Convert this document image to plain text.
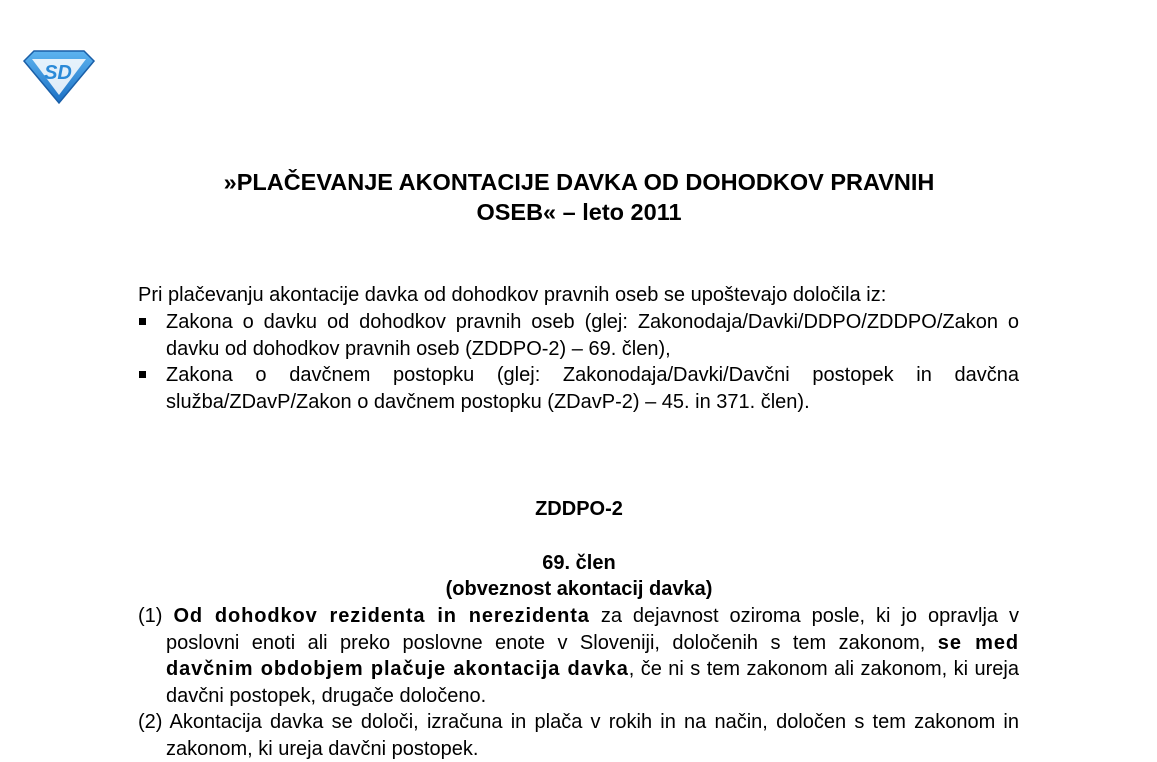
SD
»PLAČEVANJE AKONTACIJE DAVKA OD DOHODKOV PRAVNIH
OSEB« – leto 2011

Pri plačevanju akontacije davka od dohodkov pravnih oseb se upoštevajo določila iz:

Zakona o davku od dohodkov pravnih oseb (glej: Zakonodaja/Davki/DDPO/ZDDPO/Zakon o davku od dohodkov pravnih oseb (ZDDPO-2) – 69. člen),
Zakona o davčnem postopku (glej: Zakonodaja/Davki/Davčni postopek in davčna služba/ZDavP/Zakon o davčnem postopku (ZDavP-2) – 45. in 371. člen).
ZDDPO-2
69. člen
(obveznost akontacij davka)
(1) Od dohodkov rezidenta in nerezidenta za dejavnost oziroma posle, ki jo opravlja v poslovni enoti ali preko poslovne enote v Sloveniji, določenih s tem zakonom, se med davčnim obdobjem plačuje akontacija davka, če ni s tem zakonom ali zakonom, ki ureja davčni postopek, drugače določeno.
(2) Akontacija davka se določi, izračuna in plača v rokih in na način, določen s tem zakonom in zakonom, ki ureja davčni postopek.
